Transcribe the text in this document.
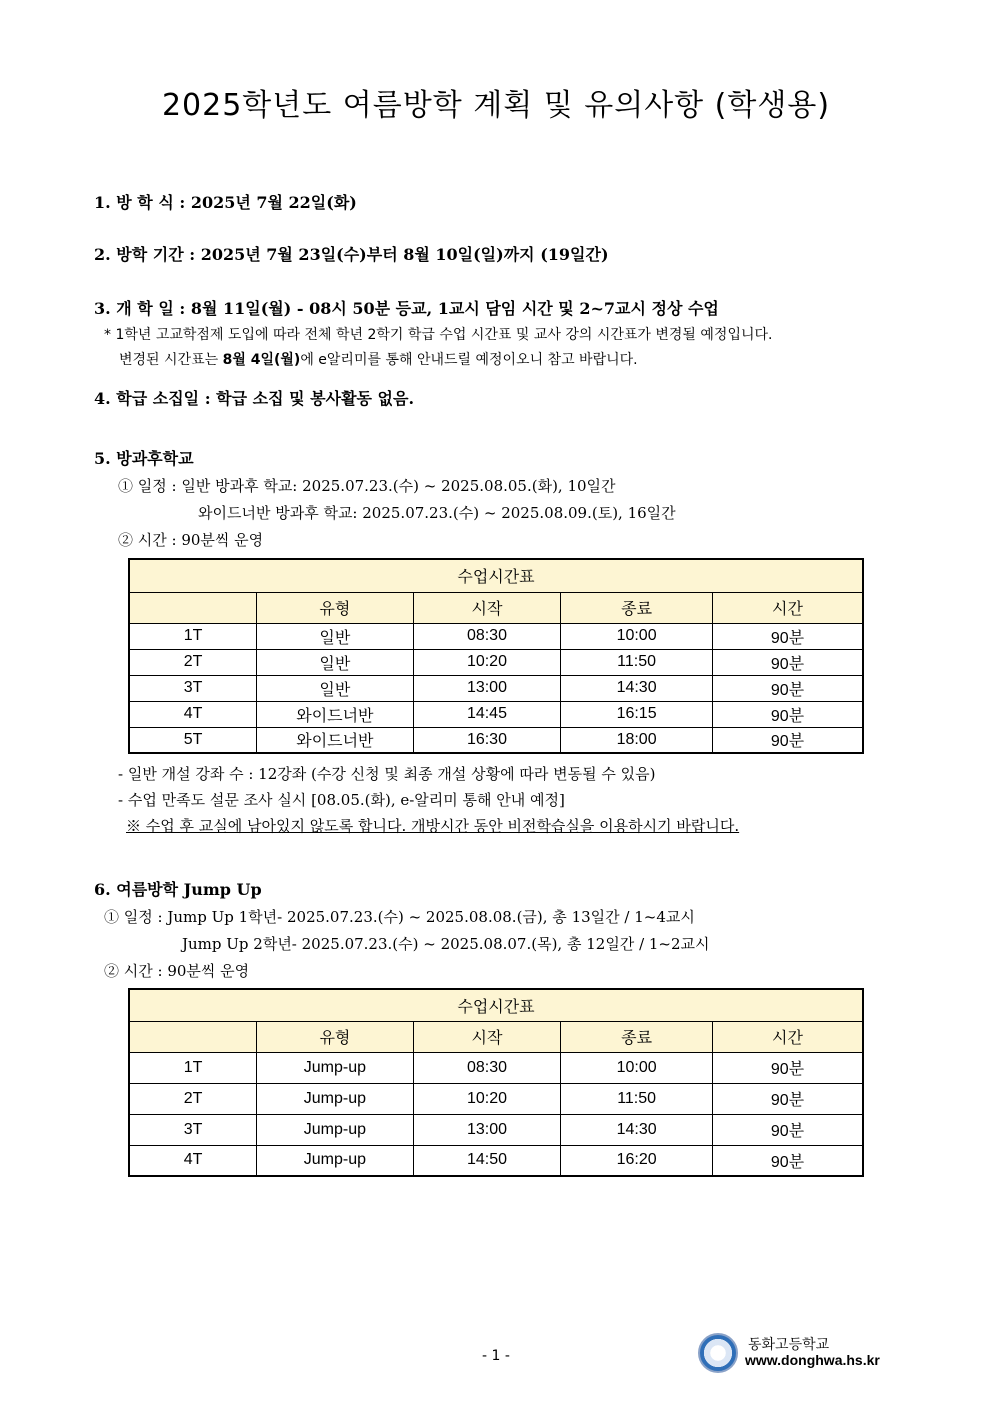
2025학년도 여름방학 계획 및 유의사항 (학생용)
1. 방 학 식 : 2025년 7월 22일(화)
2. 방학 기간 : 2025년 7월 23일(수)부터 8월 10일(일)까지 (19일간)
3. 개 학 일 : 8월 11일(월) - 08시 50분 등교, 1교시 담임 시간 및 2~7교시 정상 수업
* 1학년 고교학점제 도입에 따라 전체 학년 2학기 학급 수업 시간표 및 교사 강의 시간표가 변경될 예정입니다.
변경된 시간표는 8월 4일(월)에 e알리미를 통해 안내드릴 예정이오니 참고 바랍니다.
4. 학급 소집일 : 학급 소집 및 봉사활동 없음.
5. 방과후학교
① 일정 : 일반 방과후 학교: 2025.07.23.(수) ~ 2025.08.05.(화), 10일간
와이드너반 방과후 학교: 2025.07.23.(수) ~ 2025.08.09.(토), 16일간
② 시간 : 90분씩 운영
수업시간표				
	유형	시작	종료	시간
1T	일반	08:30	10:00	90분
2T	일반	10:20	11:50	90분
3T	일반	13:00	14:30	90분
4T	와이드너반	14:45	16:15	90분
5T	와이드너반	16:30	18:00	90분
- 일반 개설 강좌 수 : 12강좌 (수강 신청 및 최종 개설 상황에 따라 변동될 수 있음)
- 수업 만족도 설문 조사 실시 [08.05.(화), e-알리미 통해 안내 예정]
※ 수업 후 교실에 남아있지 않도록 합니다. 개방시간 동안 비전학습실을 이용하시기 바랍니다.
6. 여름방학 Jump Up
① 일정 : Jump Up 1학년- 2025.07.23.(수) ~ 2025.08.08.(금), 총 13일간 / 1~4교시
Jump Up 2학년- 2025.07.23.(수) ~ 2025.08.07.(목), 총 12일간 / 1~2교시
② 시간 : 90분씩 운영
수업시간표				
	유형	시작	종료	시간
1T	Jump-up	08:30	10:00	90분
2T	Jump-up	10:20	11:50	90분
3T	Jump-up	13:00	14:30	90분
4T	Jump-up	14:50	16:20	90분
- 1 -
동화고등학교
www.donghwa.hs.kr
